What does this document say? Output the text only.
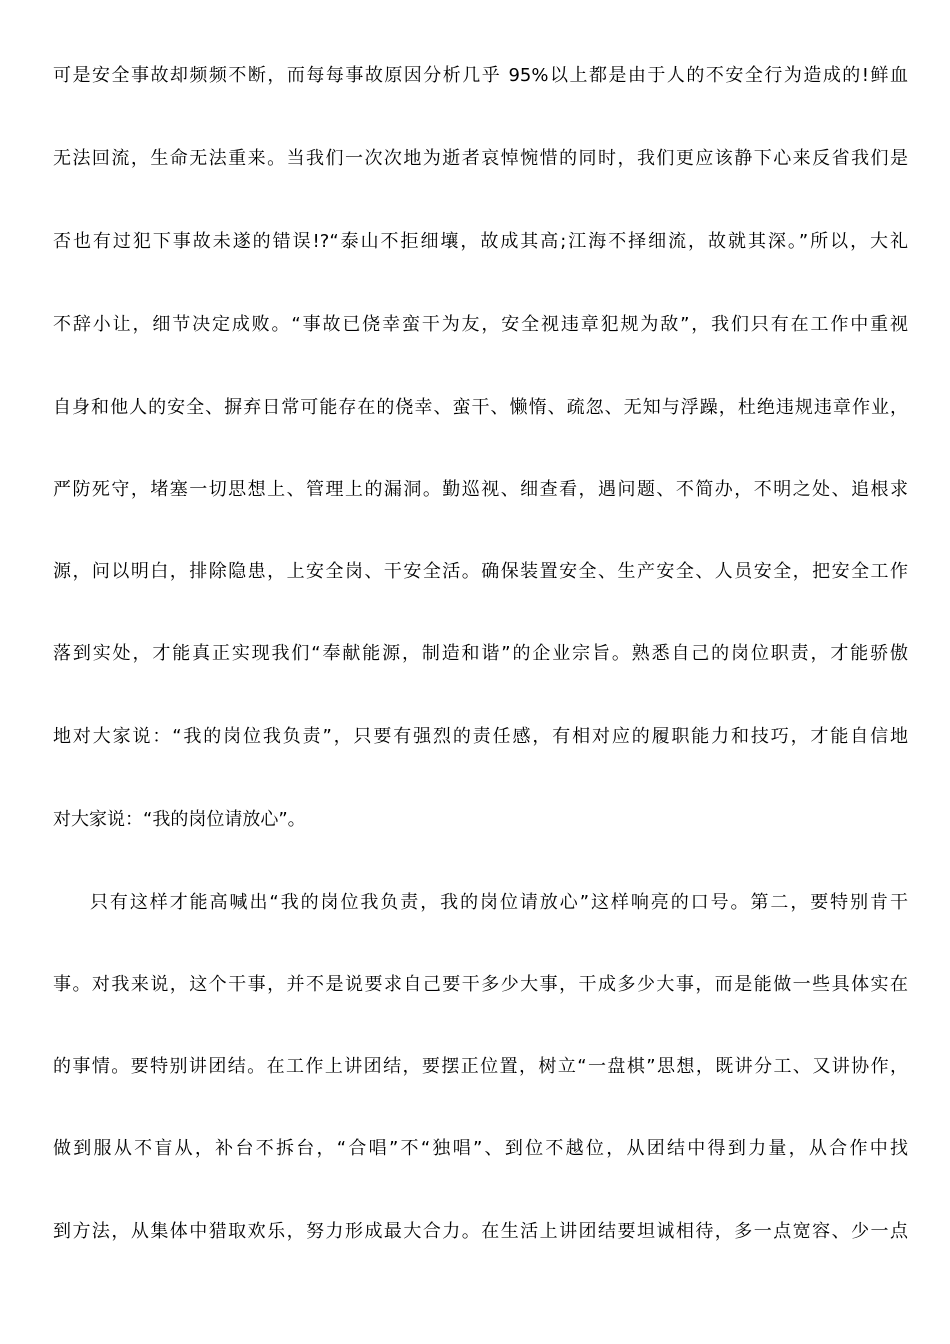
可是安全事故却频频不断，而每每事故原因分析几乎 95%以上都是由于人的不安全行为造成的!鲜血
无法回流，生命无法重来。当我们一次次地为逝者哀悼惋惜的同时，我们更应该静下心来反省我们是
否也有过犯下事故未遂的错误!?“泰山不拒细壤，故成其高;江海不择细流，故就其深。”所以，大礼
不辞小让，细节决定成败。“事故已侥幸蛮干为友，安全视违章犯规为敌”，我们只有在工作中重视
自身和他人的安全、摒弃日常可能存在的侥幸、蛮干、懒惰、疏忽、无知与浮躁，杜绝违规违章作业，
严防死守，堵塞一切思想上、管理上的漏洞。勤巡视、细查看，遇问题、不简办，不明之处、追根求
源，问以明白，排除隐患，上安全岗、干安全活。确保装置安全、生产安全、人员安全，把安全工作
落到实处，才能真正实现我们“奉献能源，制造和谐”的企业宗旨。熟悉自己的岗位职责，才能骄傲
地对大家说：“我的岗位我负责”，只要有强烈的责任感，有相对应的履职能力和技巧，才能自信地
对大家说：“我的岗位请放心”。
只有这样才能高喊出“我的岗位我负责，我的岗位请放心”这样响亮的口号。第二，要特别肯干
事。对我来说，这个干事，并不是说要求自己要干多少大事，干成多少大事，而是能做一些具体实在
的事情。要特别讲团结。在工作上讲团结，要摆正位置，树立“一盘棋”思想，既讲分工、又讲协作，
做到服从不盲从，补台不拆台，“合唱”不“独唱”、到位不越位，从团结中得到力量，从合作中找
到方法，从集体中猎取欢乐，努力形成最大合力。在生活上讲团结要坦诚相待，多一点宽容、少一点
